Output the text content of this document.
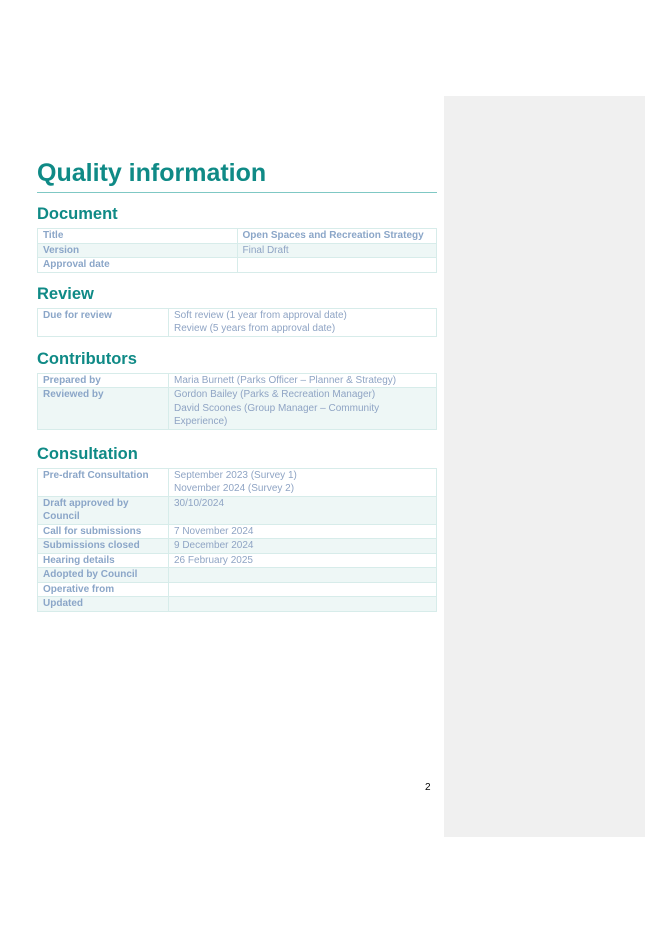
Quality information
Document
Title	Open Spaces and Recreation Strategy
Version	Final Draft
Approval date	
Review
Due for review	Soft review (1 year from approval date)
Review (5 years from approval date)
Contributors
Prepared by	Maria Burnett (Parks Officer – Planner & Strategy)
Reviewed by	Gordon Bailey (Parks & Recreation Manager)
David Scoones (Group Manager – Community Experience)
Consultation
Pre-draft Consultation	September 2023 (Survey 1)
November 2024 (Survey 2)

Draft approved by Council	30/10/2024
Call for submissions	7 November 2024
Submissions closed	9 December 2024
Hearing details	26 February 2025
Adopted by Council	
Operative from	
Updated	
2
